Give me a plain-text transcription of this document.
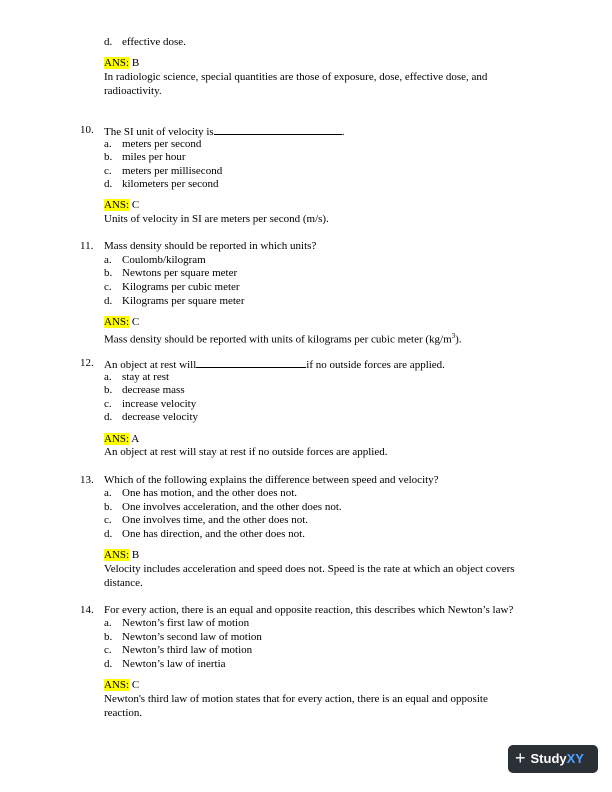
d. effective dose.
ANS: B
In radiologic science, special quantities are those of exposure, dose, effective dose, and radioactivity.
10. The SI unit of velocity is	.
a. meters per second
b. miles per hour
c. meters per millisecond
d. kilometers per second
ANS: C
Units of velocity in SI are meters per second (m/s).
11. Mass density should be reported in which units?
a. Coulomb/kilogram
b. Newtons per square meter
c. Kilograms per cubic meter
d. Kilograms per square meter
ANS: C
Mass density should be reported with units of kilograms per cubic meter $(kg/m^3)$.
12. An object at rest will	if no outside forces are applied.
a. stay at rest
b. decrease mass
c. increase velocity
d. decrease velocity
ANS: A
An object at rest will stay at rest if no outside forces are applied.
13. Which of the following explains the difference between speed and velocity?
a. One has motion, and the other does not.
b. One involves acceleration, and the other does not.
c. One involves time, and the other does not.
d. One has direction, and the other does not.
ANS: B
Velocity includes acceleration and speed does not. Speed is the rate at which an object covers distance.
14. For every action, there is an equal and opposite reaction, this describes which Newton’s law?
a. Newton’s first law of motion
b. Newton’s second law of motion
c. Newton’s third law of motion
d. Newton’s law of inertia
ANS: C
Newton's third law of motion states that for every action, there is an equal and opposite reaction.
+ StudyXY
